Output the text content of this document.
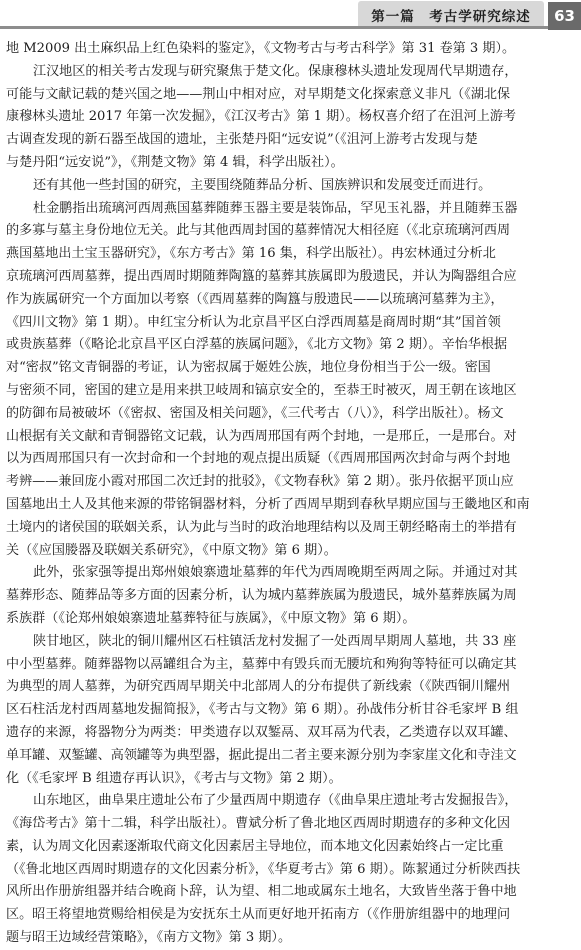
第一篇　考古学研究综述	63
地 M2009 出土麻织品上红色染料的鉴定》，《文物考古与考古科学》第 31 卷第 3 期）。
江汉地区的相关考古发现与研究聚焦于楚文化。保康穆林头遗址发现周代早期遗存，
可能与文献记载的楚兴国之地——荆山中相对应，对早期楚文化探索意义非凡（《湖北保
康穆林头遗址 2017 年第一次发掘》，《江汉考古》第 1 期）。杨权喜介绍了在沮河上游考
古调查发现的新石器至战国的遗址，主张楚丹阳“远安说”（《沮河上游考古发现与楚
与楚丹阳“远安说”》，《荆楚文物》第 4 辑，科学出版社）。
还有其他一些封国的研究，主要围绕随葬品分析、国族辨识和发展变迁而进行。
杜金鹏指出琉璃河西周燕国墓葬随葬玉器主要是装饰品，罕见玉礼器，并且随葬玉器
的多寡与墓主身份地位无关。此与其他西周封国的墓葬情况大相径庭（《北京琉璃河西周
燕国墓地出土宝玉器研究》，《东方考古》第 16 集，科学出版社）。冉宏林通过分析北
京琉璃河西周墓葬，提出西周时期随葬陶簋的墓葬其族属即为殷遗民，并认为陶器组合应
作为族属研究一个方面加以考察（《西周墓葬的陶簋与殷遗民——以琉璃河墓葬为主》，
《四川文物》第 1 期）。申红宝分析认为北京昌平区白浮西周墓是商周时期“其”国首领
或贵族墓葬（《略论北京昌平区白浮墓的族属问题》，《北方文物》第 2 期）。辛怡华根据
对“密叔”铭文青铜器的考证，认为密叔属于姬姓公族，地位身份相当于公一级。密国
与密须不同，密国的建立是用来拱卫岐周和镐京安全的，至恭王时被灭，周王朝在该地区
的防御布局被破坏（《密叔、密国及相关问题》，《三代考古（八）》，科学出版社）。杨文
山根据有关文献和青铜器铭文记载，认为西周邢国有两个封地，一是邢丘，一是邢台。对
以为西周邢国只有一次封命和一个封地的观点提出质疑（《西周邢国两次封命与两个封地
考辨——兼回庞小霞对邢国二次迁封的批驳》，《文物春秋》第 2 期）。张丹依据平顶山应
国墓地出土人及其他来源的带铭铜器材料，分析了西周早期到春秋早期应国与王畿地区和南
土境内的诸侯国的联姻关系，认为此与当时的政治地理结构以及周王朝经略南土的举措有
关（《应国媵器及联姻关系研究》，《中原文物》第 6 期）。
此外，张家强等提出郑州娘娘寨遗址墓葬的年代为西周晚期至两周之际。并通过对其
墓葬形态、随葬品等多方面的因素分析，认为城内墓葬族属为殷遗民，城外墓葬族属为周
系族群（《论郑州娘娘寨遗址墓葬特征与族属》，《中原文物》第 6 期）。
陕甘地区，陕北的铜川耀州区石柱镇活龙村发掘了一处西周早期周人墓地，共 33 座
中小型墓葬。随葬器物以鬲罐组合为主，墓葬中有毁兵而无腰坑和殉狗等特征可以确定其
为典型的周人墓葬，为研究西周早期关中北部周人的分布提供了新线索（《陕西铜川耀州
区石柱活龙村西周墓地发掘简报》，《考古与文物》第 6 期）。孙战伟分析甘谷毛家坪 B 组
遗存的来源，将器物分为两类：甲类遗存以双錾鬲、双耳鬲为代表，乙类遗存以双耳罐、
单耳罐、双錾罐、高领罐等为典型器，据此提出二者主要来源分别为李家崖文化和寺洼文
化（《毛家坪 B 组遗存再认识》，《考古与文物》第 2 期）。
山东地区，曲阜果庄遗址公布了少量西周中期遗存（《曲阜果庄遗址考古发掘报告》，
《海岱考古》第十二辑，科学出版社）。曹斌分析了鲁北地区西周时期遗存的多种文化因
素，认为周文化因素逐渐取代商文化因素居主导地位，而本地文化因素始终占一定比重
（《鲁北地区西周时期遗存的文化因素分析》，《华夏考古》第 6 期）。陈絜通过分析陕西扶
风所出作册旂组器并结合晚商卜辞，认为望、相二地或属东土地名，大致皆坐落于鲁中地
区。昭王将望地赏赐给相侯是为安抚东土从而更好地开拓南方（《作册旂组器中的地理问
题与昭王边域经营策略》，《南方文物》第 3 期）。
